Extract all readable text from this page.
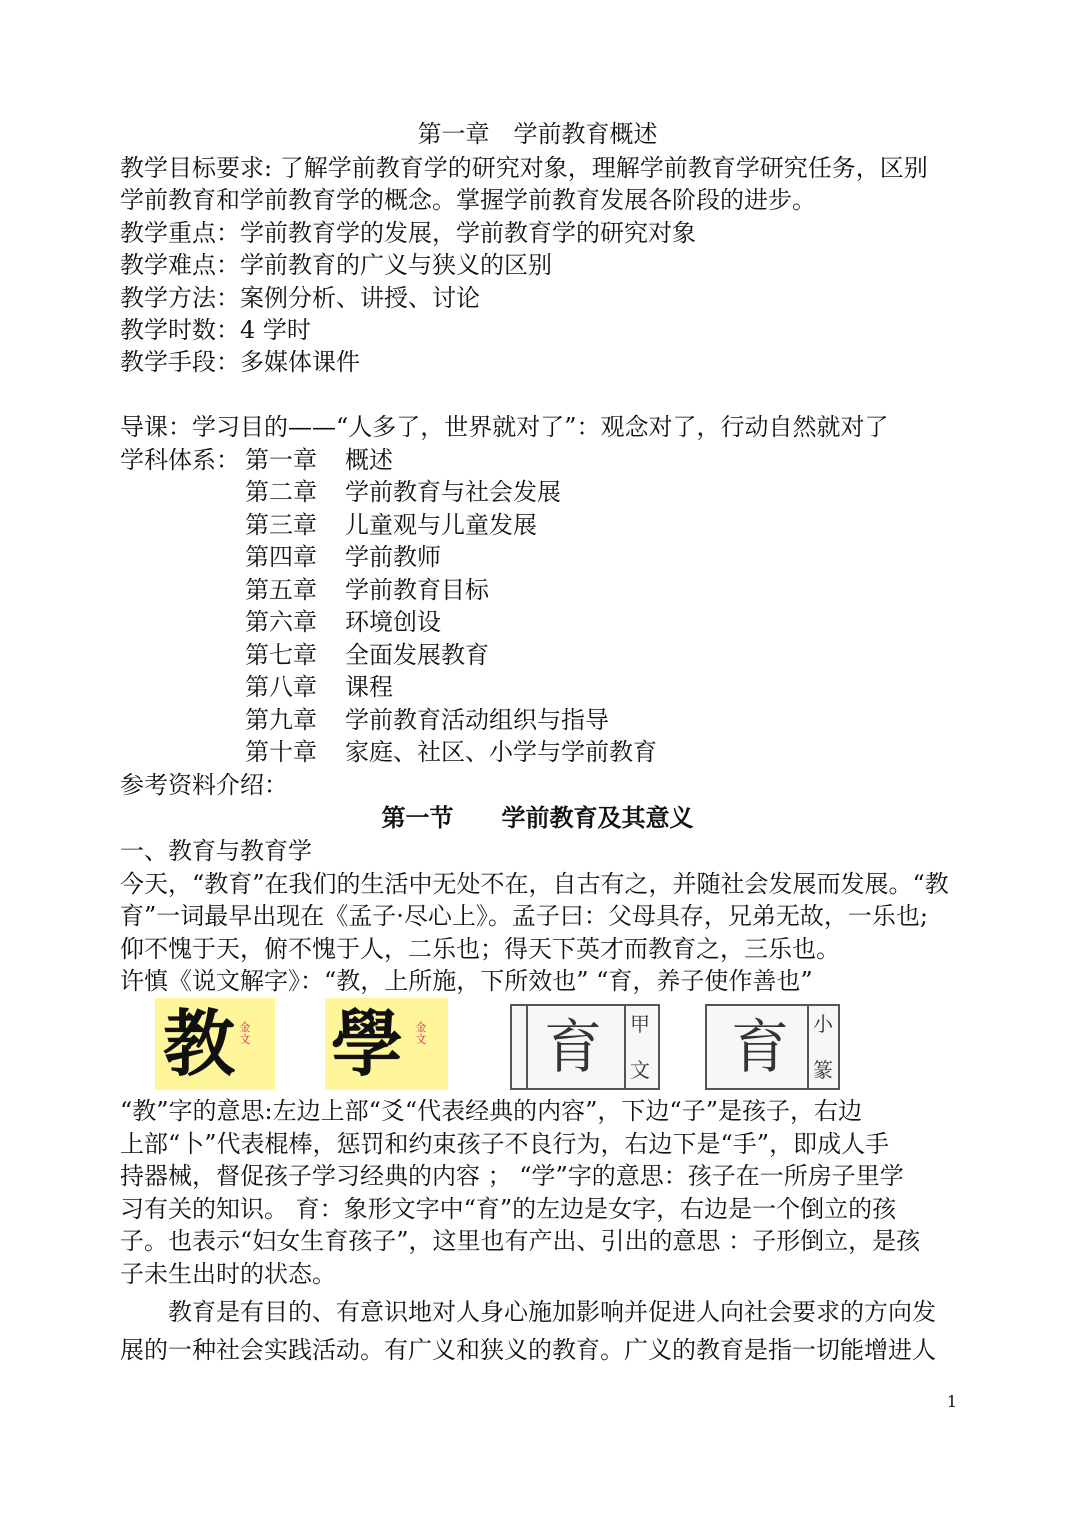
第一章　学前教育概述
教学目标要求: 了解学前教育学的研究对象，理解学前教育学研究任务，区别
学前教育和学前教育学的概念。掌握学前教育发展各阶段的进步。
教学重点：学前教育学的发展，学前教育学的研究对象
教学难点：学前教育的广义与狭义的区别
教学方法：案例分析、讲授、讨论
教学时数：4 学时
教学手段：多媒体课件
导课：学习目的——“人多了，世界就对了”：观念对了，行动自然就对了
学科体系： 第一章 概述
第二章 学前教育与社会发展
第三章 儿童观与儿童发展
第四章 学前教师
第五章 学前教育目标
第六章 环境创设
第七章 全面发展教育
第八章 课程
第九章 学前教育活动组织与指导
第十章 家庭、社区、小学与学前教育
参考资料介绍：
第一节　　学前教育及其意义
一、教育与教育学
今天，“教育”在我们的生活中无处不在，自古有之，并随社会发展而发展。“教
育”一词最早出现在《孟子·尽心上》。孟子曰：父母具存，兄弟无故，一乐也;
仰不愧于天，俯不愧于人，二乐也；得天下英才而教育之，三乐也。
许慎《说文解字》：“教，上所施，下所效也” “育，养子使作善也”
教 金文 學 金文 育 甲
文 育 小
篆
“教”字的意思:左边上部“爻“代表经典的内容”，下边“子”是孩子，右边
上部“卜”代表棍棒，惩罚和约束孩子不良行为，右边下是“手”，即成人手
持器械，督促孩子学习经典的内容 ； “学”字的意思：孩子在一所房子里学
习有关的知识。 育：象形文字中“育”的左边是女字，右边是一个倒立的孩
子。也表示“妇女生育孩子”，这里也有产出、引出的意思 ：子形倒立，是孩
子未生出时的状态。
教育是有目的、有意识地对人身心施加影响并促进人向社会要求的方向发
展的一种社会实践活动。有广义和狭义的教育。广义的教育是指一切能增进人
1
